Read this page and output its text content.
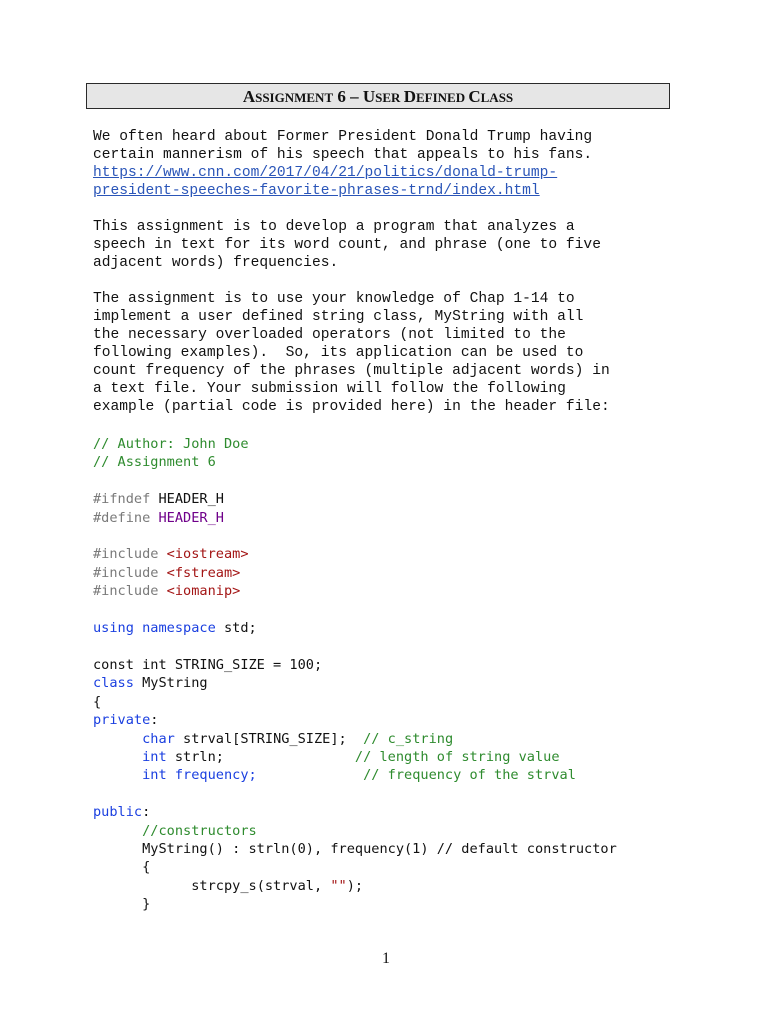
ASSIGNMENT 6 – USER DEFINED CLASS
We often heard about Former President Donald Trump having
certain mannerism of his speech that appeals to his fans.
https://www.cnn.com/2017/04/21/politics/donald-trump-
president-speeches-favorite-phrases-trnd/index.html
This assignment is to develop a program that analyzes a
speech in text for its word count, and phrase (one to five
adjacent words) frequencies.
The assignment is to use your knowledge of Chap 1-14 to
implement a user defined string class, MyString with all
the necessary overloaded operators (not limited to the
following examples).  So, its application can be used to
count frequency of the phrases (multiple adjacent words) in
a text file. Your submission will follow the following
example (partial code is provided here) in the header file:
// Author: John Doe
// Assignment 6

#ifndef HEADER_H
#define HEADER_H

#include <iostream>
#include <fstream>
#include <iomanip>

using namespace std;

const int STRING_SIZE = 100;
class MyString
{
private:
char strval[STRING_SIZE];  // c_string
int strln;                // length of string value
int frequency;	// frequency of the strval

public:
//constructors
MyString() : strln(0), frequency(1) // default constructor
{
strcpy_s(strval, "");
}
1
